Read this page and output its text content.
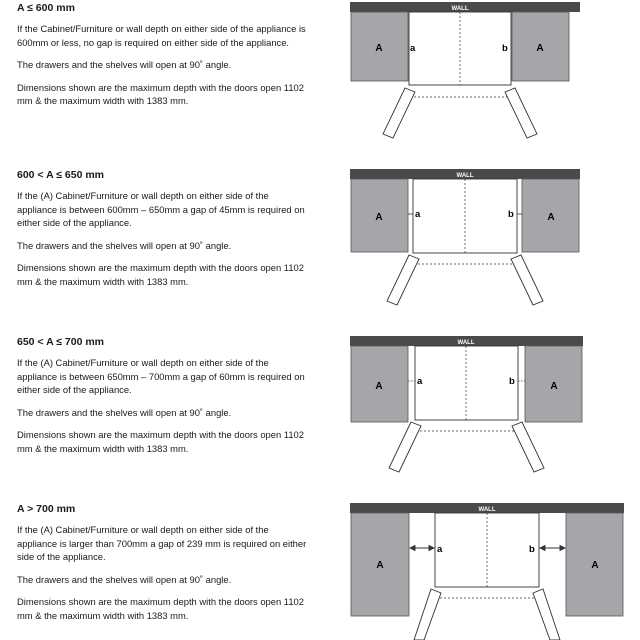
A ≤ 600 mm
If the Cabinet/Furniture or wall depth on either side of the appliance is 600mm or less, no gap is required on either side of the appliance.
The drawers and the shelves will open at 90˚ angle.
Dimensions shown are the maximum depth with the doors open 1102 mm & the maximum width with 1383 mm.
WALL
A	A
a	b
600 < A ≤ 650 mm
If the (A) Cabinet/Furniture or wall depth on either side of the appliance is between 600mm – 650mm a gap of 45mm is required on either side of the appliance.
The drawers and the shelves will open at 90˚ angle.
Dimensions shown are the maximum depth with the doors open 1102 mm & the maximum width with 1383 mm.
WALL
A	A
a	b
650 < A ≤ 700 mm
If the (A) Cabinet/Furniture or wall depth on either side of the appliance is between 650mm – 700mm a gap of 60mm is required on either side of the appliance.
The drawers and the shelves will open at 90˚ angle.
Dimensions shown are the maximum depth with the doors open 1102 mm & the maximum width with 1383 mm.
WALL
A	A
a	b
A > 700 mm
If the (A) Cabinet/Furniture or wall depth on either side of the appliance is larger than 700mm a gap of 239 mm is required on either side of the appliance.
The drawers and the shelves will open at 90˚ angle.
Dimensions shown are the maximum depth with the doors open 1102 mm & the maximum width with 1383 mm.
WALL
A	A
a	b
